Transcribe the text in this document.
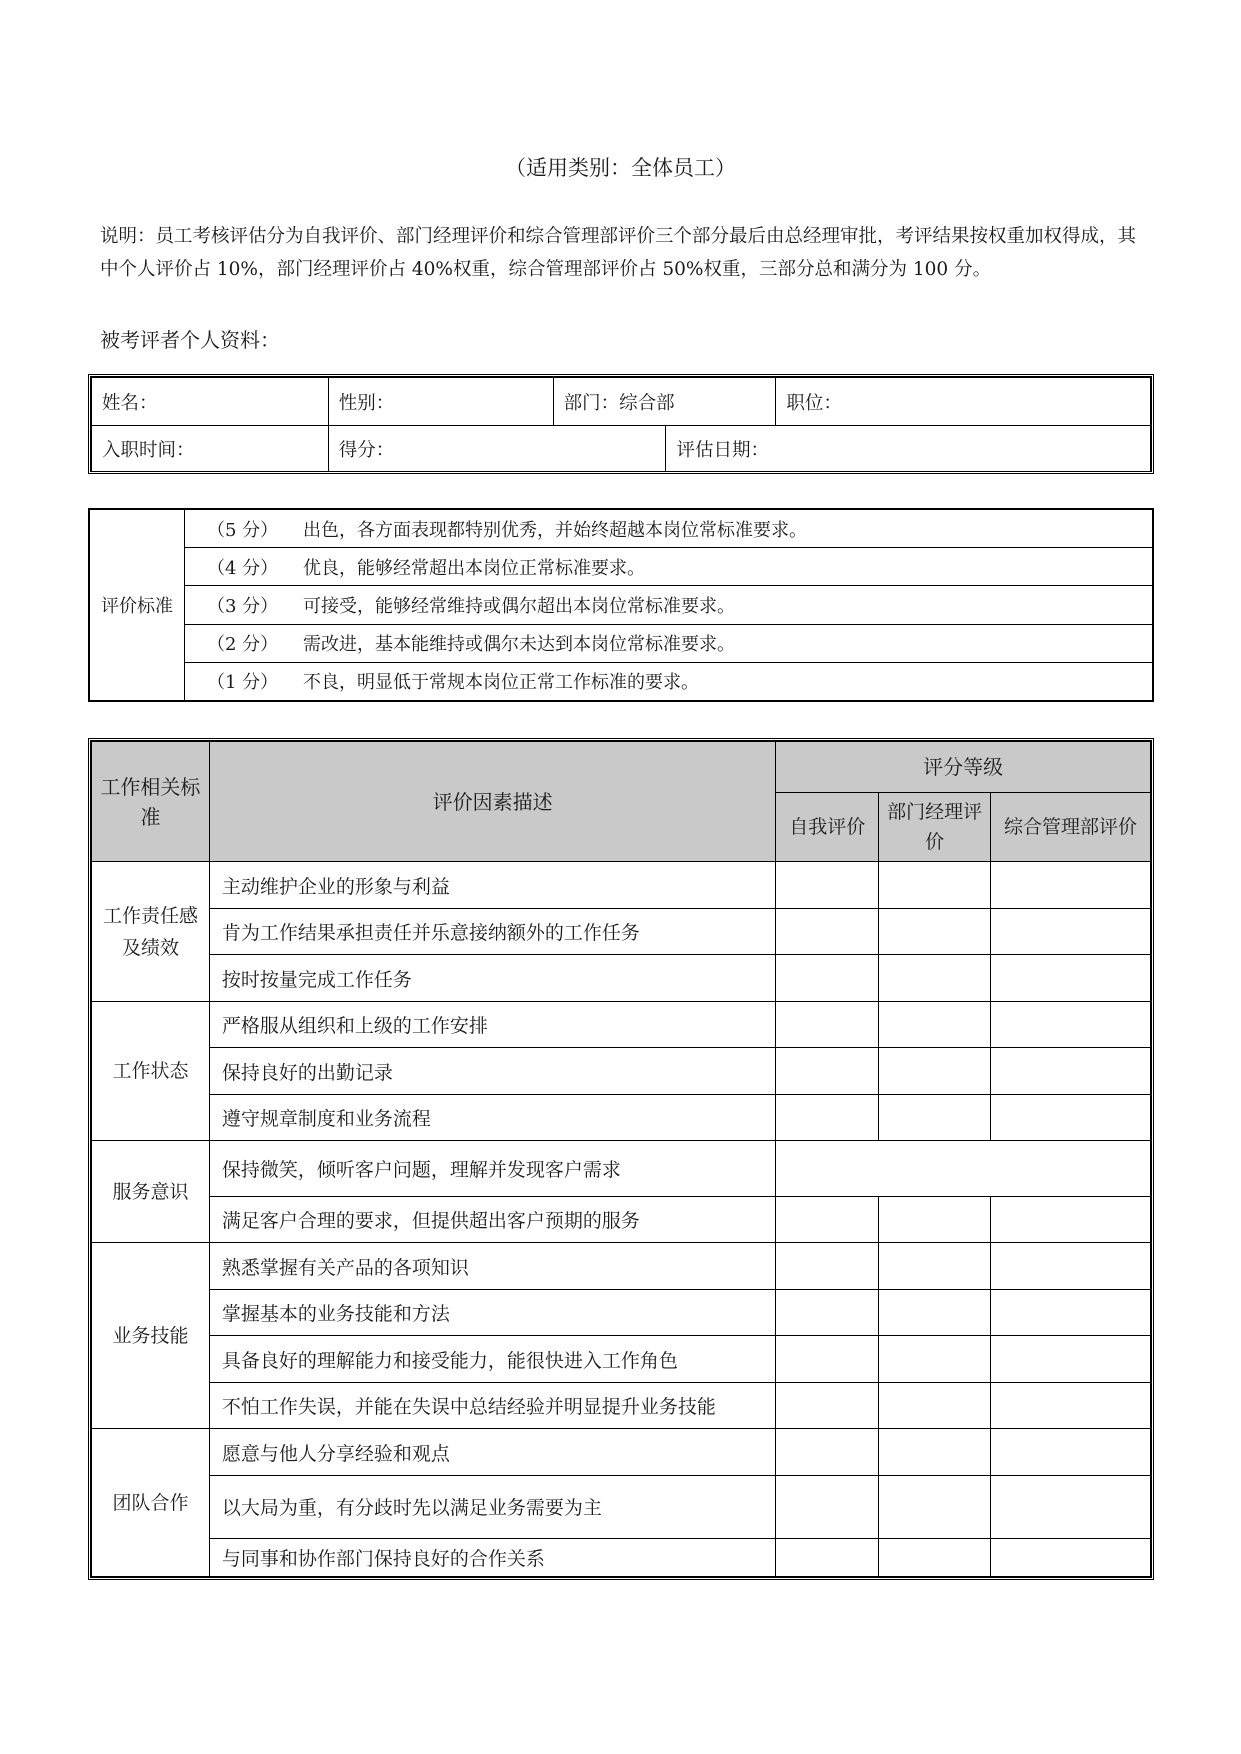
（适用类别：全体员工）

说明：员工考核评估分为自我评价、部门经理评价和综合管理部评价三个部分最后由总经理审批，考评结果按权重加权得成，其中个人评价占 10%，部门经理评价占 40%权重，综合管理部评价占 50%权重，三部分总和满分为 100 分。

被考评者个人资料：
姓名：	性别：	部门：综合部		职位：
入职时间：	得分：		评估日期：	
评价标准	（5 分） 出色，各方面表现都特别优秀，并始终超越本岗位常标准要求。
（4 分） 优良，能够经常超出本岗位正常标准要求。
（3 分） 可接受，能够经常维持或偶尔超出本岗位常标准要求。
（2 分） 需改进，基本能维持或偶尔未达到本岗位常标准要求。
（1 分） 不良，明显低于常规本岗位正常工作标准的要求。
工作相关标准	评价因素描述	评分等级		
		自我评价	部门经理评价	综合管理部评价
工作责任感及绩效	主动维护企业的形象与利益			
	肯为工作结果承担责任并乐意接纳额外的工作任务			
	按时按量完成工作任务			
工作状态	严格服从组织和上级的工作安排			
	保持良好的出勤记录			
	遵守规章制度和业务流程			
服务意识	保持微笑，倾听客户问题，理解并发现客户需求			
	满足客户合理的要求，但提供超出客户预期的服务			
业务技能	熟悉掌握有关产品的各项知识			
	掌握基本的业务技能和方法			
	具备良好的理解能力和接受能力，能很快进入工作角色			
	不怕工作失误，并能在失误中总结经验并明显提升业务技能			
团队合作	愿意与他人分享经验和观点			
	以大局为重，有分歧时先以满足业务需要为主			
	与同事和协作部门保持良好的合作关系			
